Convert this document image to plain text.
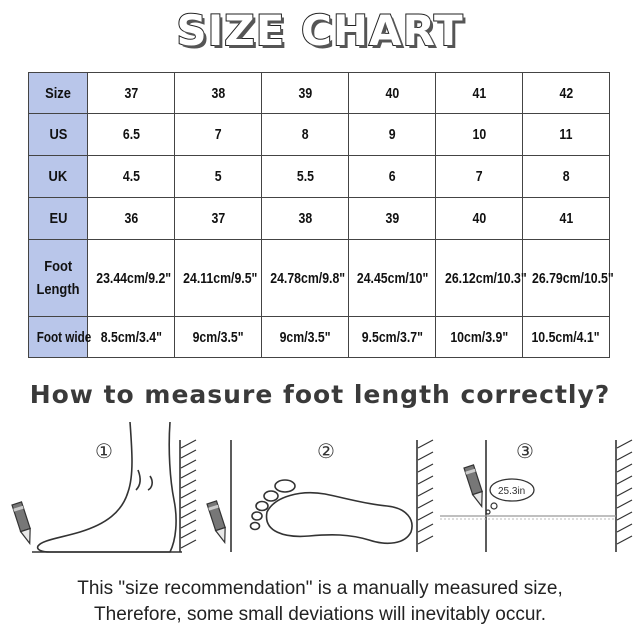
SIZE CHART
Size	37	38	39	40	41	42
US	6.5	7	8	9	10	11
UK	4.5	5	5.5	6	7	8
EU	36	37	38	39	40	41
Foot
Length	23.44cm/9.2"	24.11cm/9.5"	24.78cm/9.8"	24.45cm/10"	26.12cm/10.3"	26.79cm/10.5"
Foot wide	8.5cm/3.4"	9cm/3.5"	9cm/3.5"	9.5cm/3.7"	10cm/3.9"	10.5cm/4.1"
How to measure foot length correctly?
①	②	③
25.3in
This "size recommendation" is a manually measured size,
Therefore, some small deviations will inevitably occur.
